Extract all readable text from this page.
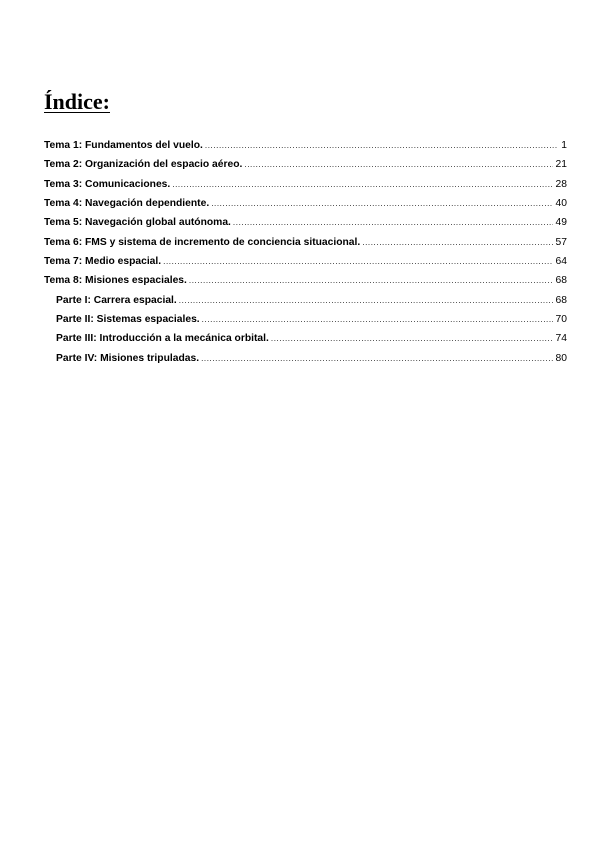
Índice:
Tema 1: Fundamentos del vuelo. .....	1
Tema 2: Organización del espacio aéreo. .....	21
Tema 3: Comunicaciones. .....	28
Tema 4: Navegación dependiente. .....	40
Tema 5: Navegación global autónoma. .....	49
Tema 6: FMS y sistema de incremento de conciencia situacional. .....	57
Tema 7: Medio espacial. .....	64
Tema 8: Misiones espaciales. .....	68
Parte I: Carrera espacial. .....	68
Parte II: Sistemas espaciales. .....	70
Parte III: Introducción a la mecánica orbital. .....	74
Parte IV: Misiones tripuladas. .....	80
